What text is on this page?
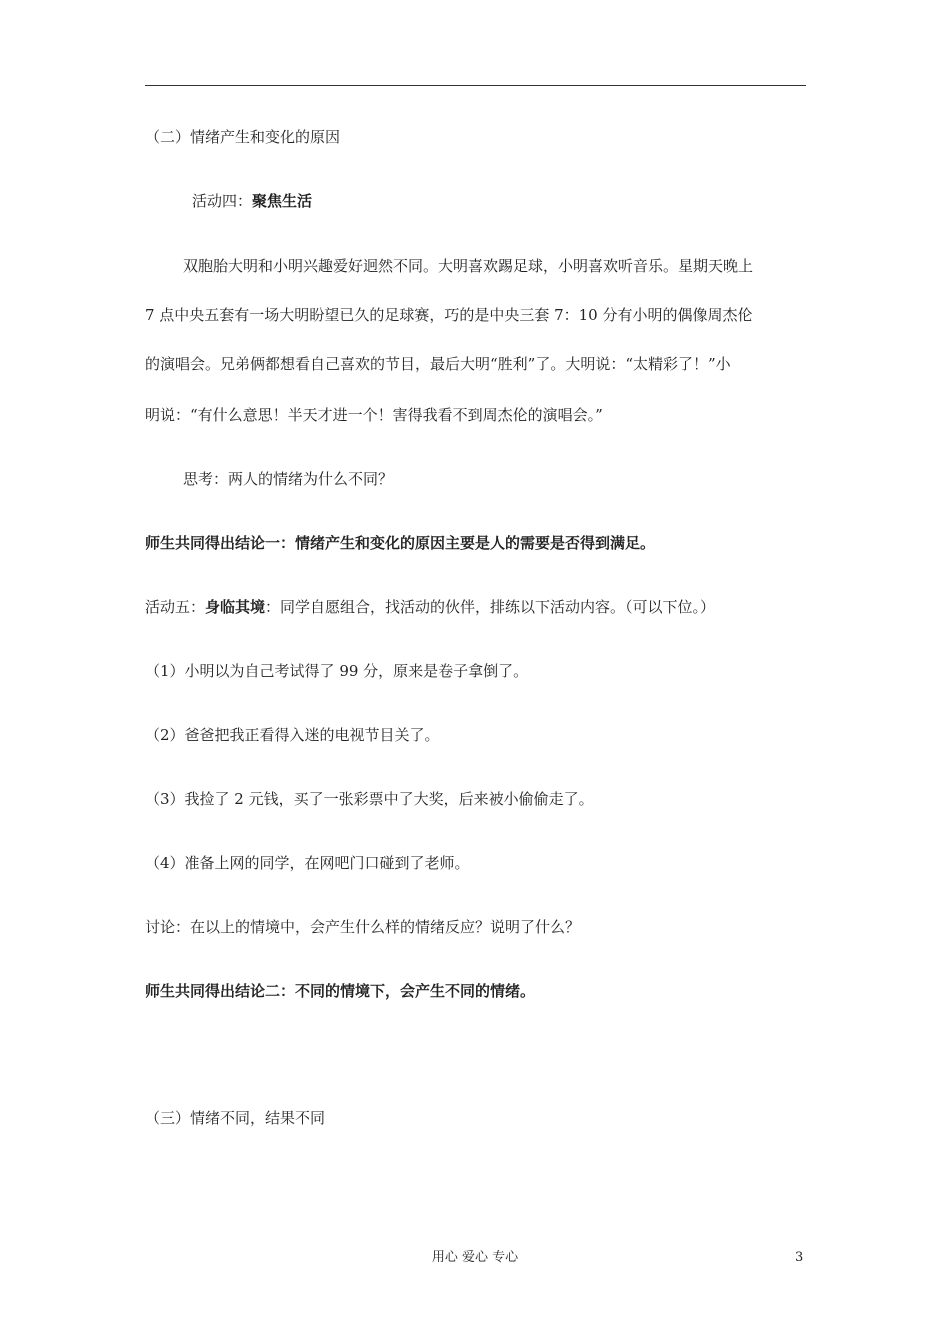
（二）情绪产生和变化的原因
活动四：聚焦生活
双胞胎大明和小明兴趣爱好迥然不同。大明喜欢踢足球，小明喜欢听音乐。星期天晚上
7 点中央五套有一场大明盼望已久的足球赛，巧的是中央三套 7：10 分有小明的偶像周杰伦
的演唱会。兄弟俩都想看自己喜欢的节目，最后大明“胜利”了。大明说：“太精彩了！”小
明说：“有什么意思！半天才进一个！害得我看不到周杰伦的演唱会。”
思考：两人的情绪为什么不同？
师生共同得出结论一：情绪产生和变化的原因主要是人的需要是否得到满足。
活动五：身临其境：同学自愿组合，找活动的伙伴，排练以下活动内容。（可以下位。）
（1）小明以为自己考试得了 99 分，原来是卷子拿倒了。
（2）爸爸把我正看得入迷的电视节目关了。
（3）我捡了 2 元钱，买了一张彩票中了大奖，后来被小偷偷走了。
（4）准备上网的同学，在网吧门口碰到了老师。
讨论：在以上的情境中，会产生什么样的情绪反应？说明了什么？
师生共同得出结论二：不同的情境下，会产生不同的情绪。
（三）情绪不同，结果不同
用心 爱心 专心	3
